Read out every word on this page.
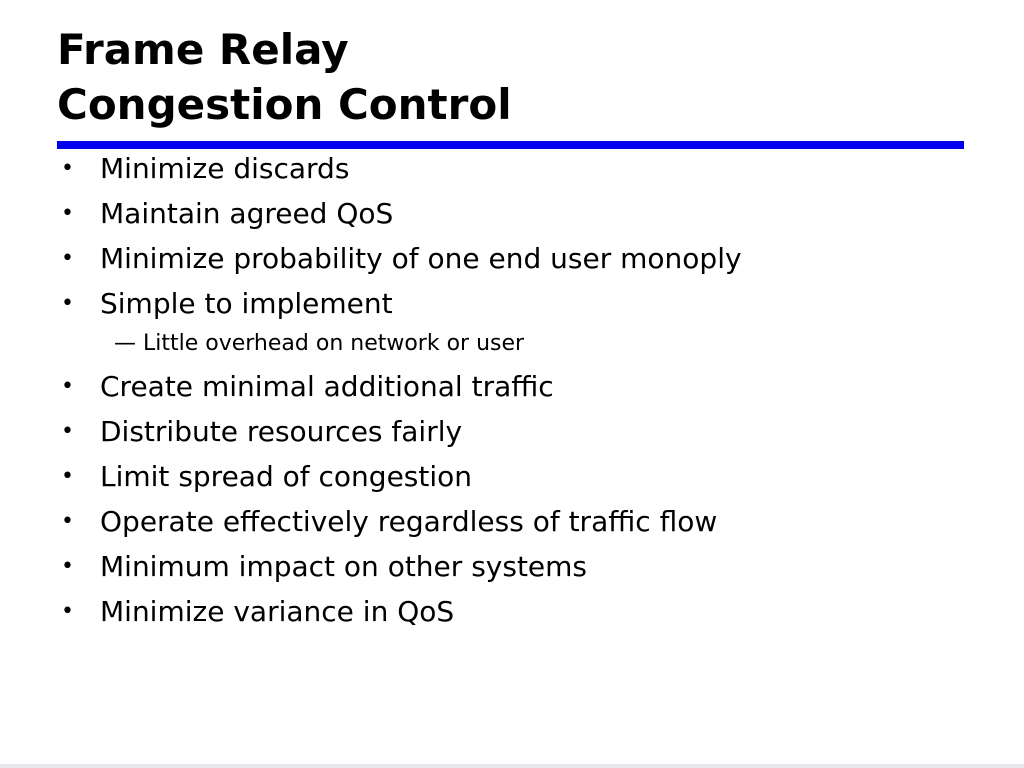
Frame Relay
Congestion Control
• Minimize discards
• Maintain agreed QoS
• Minimize probability of one end user monoply
• Simple to implement
— Little overhead on network or user
• Create minimal additional traffic
• Distribute resources fairly
• Limit spread of congestion
• Operate effectively regardless of traffic flow
• Minimum impact on other systems
• Minimize variance in QoS
